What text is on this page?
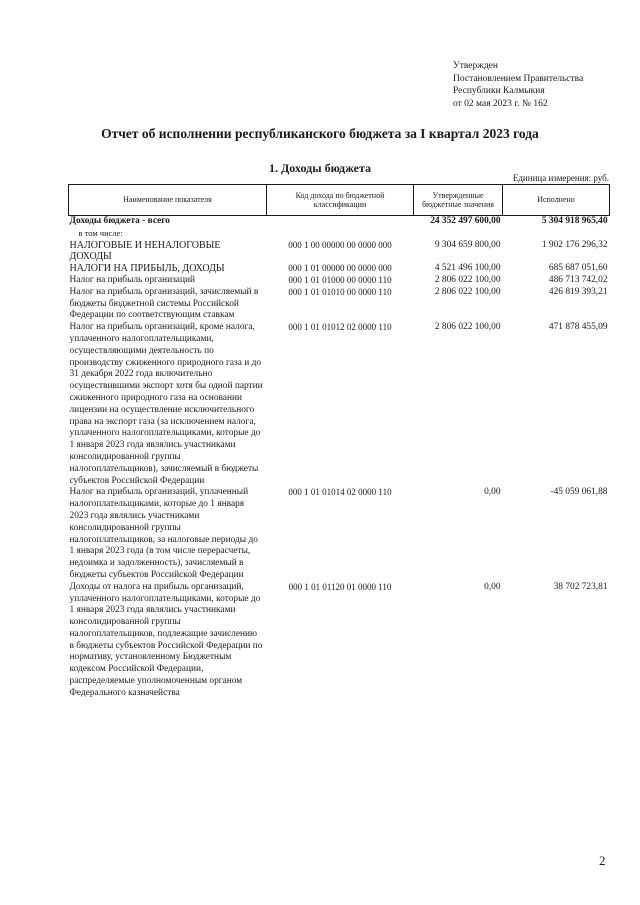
Утвержден
Постановлением Правительства
Республики Калмыкия
от 02 мая 2023 г. № 162
Отчет об исполнении республиканского бюджета за I квартал 2023 года
1. Доходы бюджета
Единица измерения: руб.
Наименование показателя	Код дохода по бюджетной классификации	Утвержденные бюджетные значения	Исполнено
Доходы бюджета - всего		24 352 497 600,00	5 304 918 965,40
в том числе:			
НАЛОГОВЫЕ И НЕНАЛОГОВЫЕ ДОХОДЫ	000 1 00 00000 00 0000 000	9 304 659 800,00	1 902 176 296,32
НАЛОГИ НА ПРИБЫЛЬ, ДОХОДЫ	000 1 01 00000 00 0000 000	4 521 496 100,00	685 687 051,60
Налог на прибыль организаций	000 1 01 01000 00 0000 110	2 806 022 100,00	486 713 742,02
Налог на прибыль организаций, зачисляемый в бюджеты бюджетной системы Российской Федерации по соответствующим ставкам	000 1 01 01010 00 0000 110	2 806 022 100,00	426 819 393,21
Налог на прибыль организаций, кроме налога, уплаченного налогоплательщиками, осуществляющими деятельность по производству сжиженного природного газа и до 31 декабря 2022 года включительно осуществившими экспорт хотя бы одной партии сжиженного природного газа на основании лицензии на осуществление исключительного права на экспорт газа (за исключением налога, уплаченного налогоплательщиками, которые до 1 января 2023 года являлись участниками консолидированной группы налогоплательщиков), зачисляемый в бюджеты субъектов Российской Федерации	000 1 01 01012 02 0000 110	2 806 022 100,00	471 878 455,09
Налог на прибыль организаций, уплаченный налогоплательщиками, которые до 1 января 2023 года являлись участниками консолидированной группы налогоплательщиков, за налоговые периоды до 1 января 2023 года (в том числе перерасчеты, недоимка и задолженность), зачисляемый в бюджеты субъектов Российской Федерации	000 1 01 01014 02 0000 110	0,00	-45 059 061,88
Доходы от налога на прибыль организаций, уплаченного налогоплательщиками, которые до 1 января 2023 года являлись участниками консолидированной группы налогоплательщиков, подлежащие зачислению в бюджеты субъектов Российской Федерации по нормативу, установленному Бюджетным кодексом Российской Федерации, распределяемые уполномоченным органом Федерального казначейства	000 1 01 01120 01 0000 110	0,00	38 702 723,81
2
